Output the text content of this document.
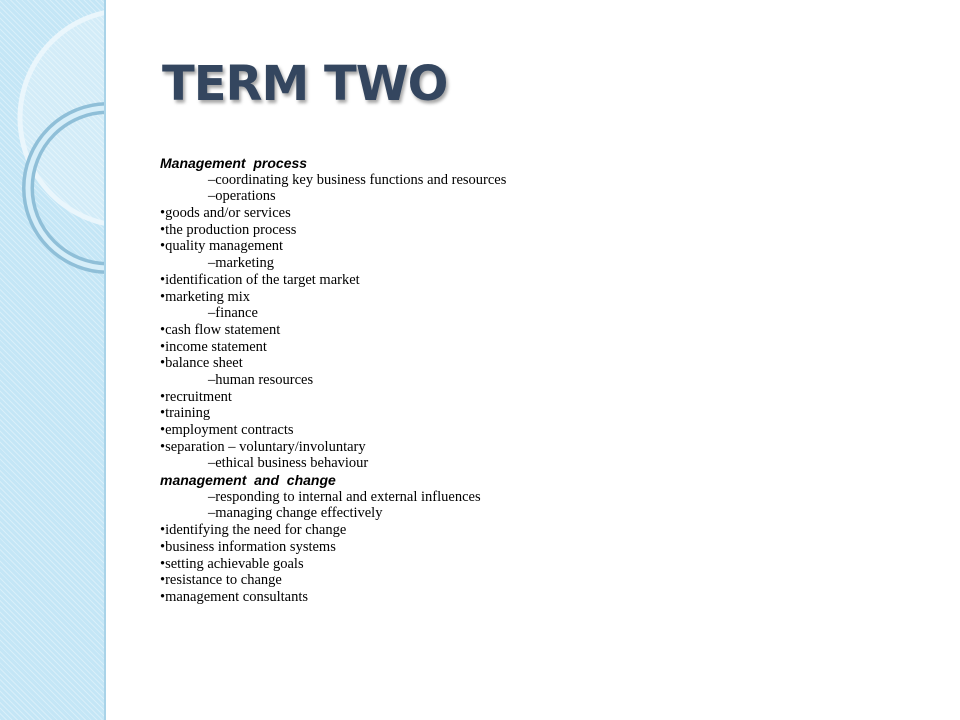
TERM TWO
Management  process
–coordinating key business functions and resources
–operations
•goods and/or services
•the production process
•quality management
–marketing
•identification of the target market
•marketing mix
–finance
•cash flow statement
•income statement
•balance sheet
–human resources
•recruitment
•training
•employment contracts
•separation – voluntary/involuntary
–ethical business behaviour
management  and  change
–responding to internal and external influences
–managing change effectively
•identifying the need for change
•business information systems
•setting achievable goals
•resistance to change
•management consultants
